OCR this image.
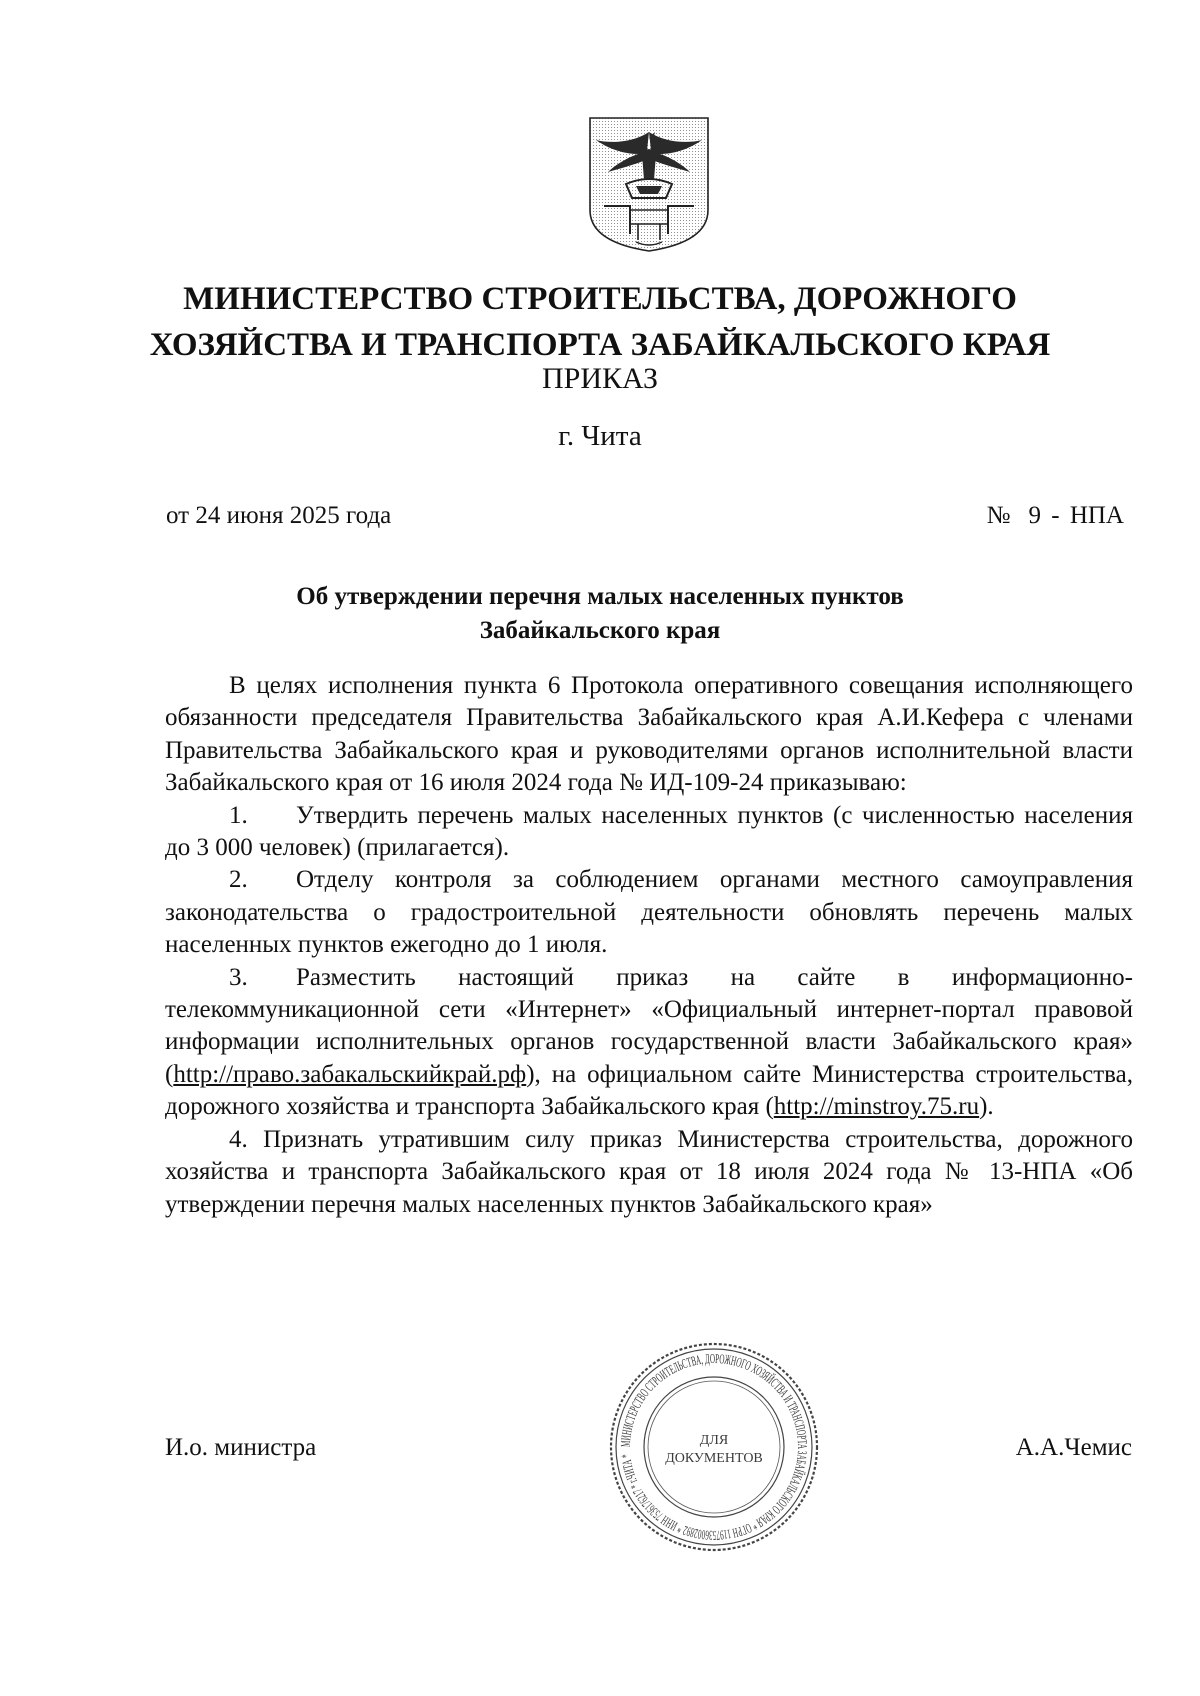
МИНИСТЕРСТВО СТРОИТЕЛЬСТВА, ДОРОЖНОГО
ХОЗЯЙСТВА И ТРАНСПОРТА ЗАБАЙКАЛЬСКОГО КРАЯ
ПРИКАЗ
г. Чита
от 24 июня 2025 года	№ 9 - НПА
Об утверждении перечня малых населенных пунктов
Забайкальского края

В целях исполнения пункта 6 Протокола оперативного совещания исполняющего обязанности председателя Правительства Забайкальского края А.И.Кефера с членами Правительства Забайкальского края и руководителями органов исполнительной власти Забайкальского края от 16 июля 2024 года № ИД-109-24 приказываю:

1. Утвердить перечень малых населенных пунктов (с численностью населения до 3 000 человек) (прилагается).

2. Отделу контроля за соблюдением органами местного самоуправления законодательства о градостроительной деятельности обновлять перечень малых населенных пунктов ежегодно до 1 июля.

3. Разместить настоящий приказ на сайте в информационно-телекоммуникационной сети «Интернет» «Официальный интернет-портал правовой информации исполнительных органов государственной власти Забайкальского края» (http://право.забакальскийкрай.рф), на официальном сайте Министерства строительства, дорожного хозяйства и транспорта Забайкальского края (http://minstroy.75.ru).

4. Признать утратившим силу приказ Министерства строительства, дорожного хозяйства и транспорта Забайкальского края от 18 июля 2024 года № 13-НПА «Об утверждении перечня малых населенных пунктов Забайкальского края»

И.о. министра	А.А.Чемис
МИНИСТЕРСТВО СТРОИТЕЛЬСТВА, ДОРОЖНОГО ХОЗЯЙСТВА И ТРАНСПОРТА ЗАБАЙКАЛЬСКОГО КРАЯ * ОГРН 1197536002892 * ИНН 7536176217 * г.ЧИТА *
ДЛЯ
ДОКУМЕНТОВ
